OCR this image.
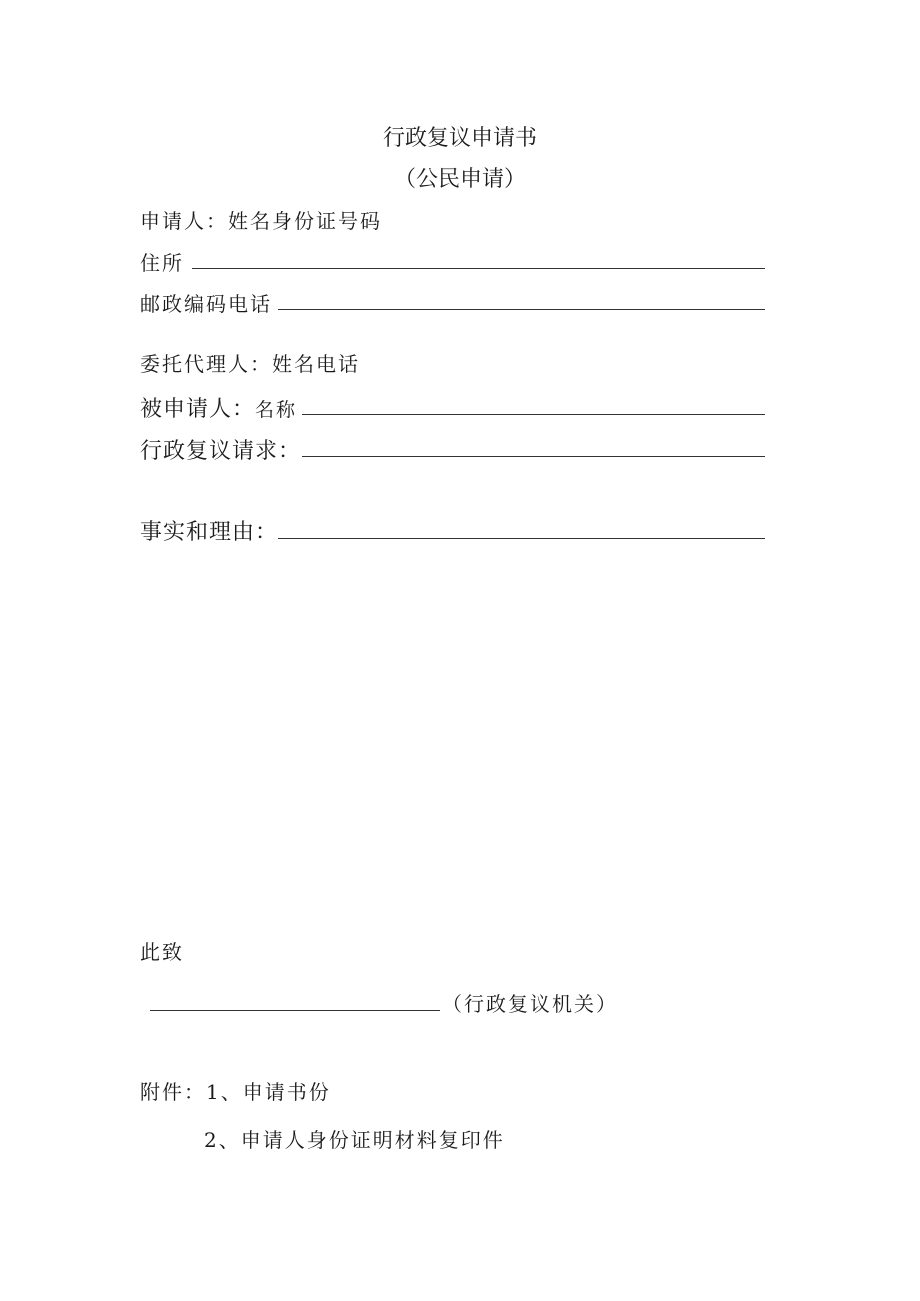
行政复议申请书
（公民申请）
申请人：姓名身份证号码
住所
邮政编码电话
委托代理人：姓名电话
被申请人：名称
行政复议请求：
事实和理由：
此致
（行政复议机关）
附件：1、申请书份
2、申请人身份证明材料复印件
